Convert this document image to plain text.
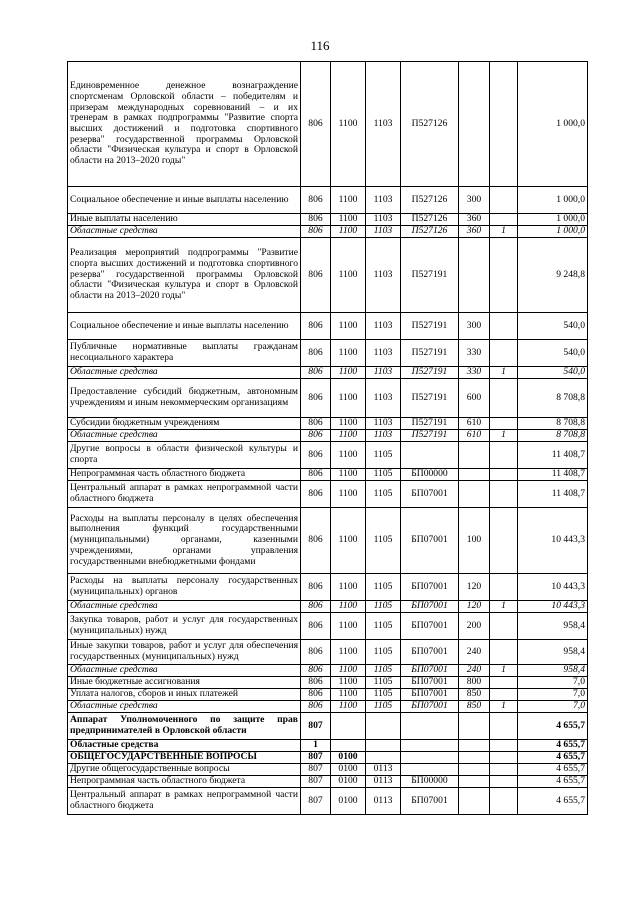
116
Единовременное денежное вознаграждение спортсменам Орловской области – победителям и призерам международных соревнований – и их тренерам в рамках подпрограммы "Развитие спорта высших достижений и подготовка спортивного резерва" государственной программы Орловской области "Физическая культура и спорт в Орловской области на 2013–2020 годы"	806	1100	1103	П527126			1 000,0
Социальное обеспечение и иные выплаты населению	806	1100	1103	П527126	300		1 000,0
Иные выплаты населению	806	1100	1103	П527126	360		1 000,0
Областные средства	806	1100	1103	П527126	360	1	1 000,0
Реализация мероприятий подпрограммы "Развитие спорта высших достижений и подготовка спортивного резерва" государственной программы Орловской области "Физическая культура и спорт в Орловской области на 2013–2020 годы"	806	1100	1103	П527191			9 248,8
Социальное обеспечение и иные выплаты населению	806	1100	1103	П527191	300		540,0
Публичные нормативные выплаты гражданам несоциального характера	806	1100	1103	П527191	330		540,0
Областные средства	806	1100	1103	П527191	330	1	540,0
Предоставление субсидий бюджетным, автономным учреждениям и иным некоммерческим организациям	806	1100	1103	П527191	600		8 708,8
Субсидии бюджетным учреждениям	806	1100	1103	П527191	610		8 708,8
Областные средства	806	1100	1103	П527191	610	1	8 708,8
Другие вопросы в области физической культуры и спорта	806	1100	1105				11 408,7
Непрограммная часть областного бюджета	806	1100	1105	БП00000			11 408,7
Центральный аппарат в рамках непрограммной части областного бюджета	806	1100	1105	БП07001			11 408,7
Расходы на выплаты персоналу в целях обеспечения выполнения функций государственными (муниципальными) органами, казенными учреждениями, органами управления государственными внебюджетными фондами	806	1100	1105	БП07001	100		10 443,3
Расходы на выплаты персоналу государственных (муниципальных) органов	806	1100	1105	БП07001	120		10 443,3
Областные средства	806	1100	1105	БП07001	120	1	10 443,3
Закупка товаров, работ и услуг для государственных (муниципальных) нужд	806	1100	1105	БП07001	200		958,4
Иные закупки товаров, работ и услуг для обеспечения государственных (муниципальных) нужд	806	1100	1105	БП07001	240		958,4
Областные средства	806	1100	1105	БП07001	240	1	958,4
Иные бюджетные ассигнования	806	1100	1105	БП07001	800		7,0
Уплата налогов, сборов и иных платежей	806	1100	1105	БП07001	850		7,0
Областные средства	806	1100	1105	БП07001	850	1	7,0
Аппарат Уполномоченного по защите прав предпринимателей в Орловской области	807						4 655,7
Областные средства	1						4 655,7
ОБЩЕГОСУДАРСТВЕННЫЕ ВОПРОСЫ	807	0100					4 655,7
Другие общегосударственные вопросы	807	0100	0113				4 655,7
Непрограммная часть областного бюджета	807	0100	0113	БП00000			4 655,7
Центральный аппарат в рамках непрограммной части областного бюджета	807	0100	0113	БП07001			4 655,7
